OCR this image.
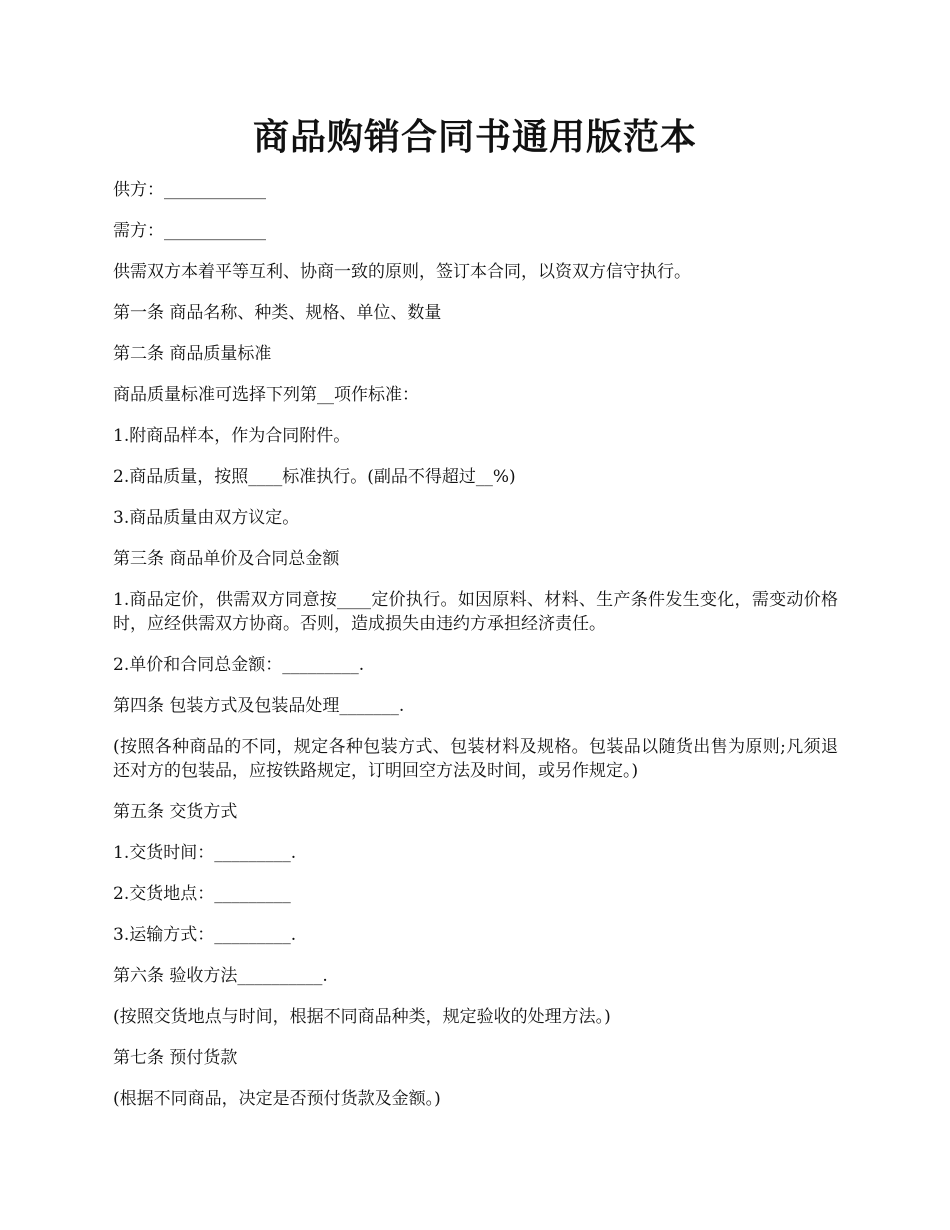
商品购销合同书通用版范本

供方：____________

需方：____________

供需双方本着平等互利、协商一致的原则，签订本合同，以资双方信守执行。

第一条 商品名称、种类、规格、单位、数量

第二条 商品质量标准

商品质量标准可选择下列第__项作标准：

1.附商品样本，作为合同附件。

2.商品质量，按照____标准执行。(副品不得超过__%)

3.商品质量由双方议定。

第三条 商品单价及合同总金额

1.商品定价，供需双方同意按____定价执行。如因原料、材料、生产条件发生变化，需变动价格时，应经供需双方协商。否则，造成损失由违约方承担经济责任。

2.单价和合同总金额：_________.

第四条 包装方式及包装品处理_______.

(按照各种商品的不同，规定各种包装方式、包装材料及规格。包装品以随货出售为原则;凡须退还对方的包装品，应按铁路规定，订明回空方法及时间，或另作规定。)

第五条 交货方式

1.交货时间：_________.

2.交货地点：_________

3.运输方式：_________.

第六条 验收方法__________.

(按照交货地点与时间，根据不同商品种类，规定验收的处理方法。)

第七条 预付货款

(根据不同商品，决定是否预付货款及金额。)
